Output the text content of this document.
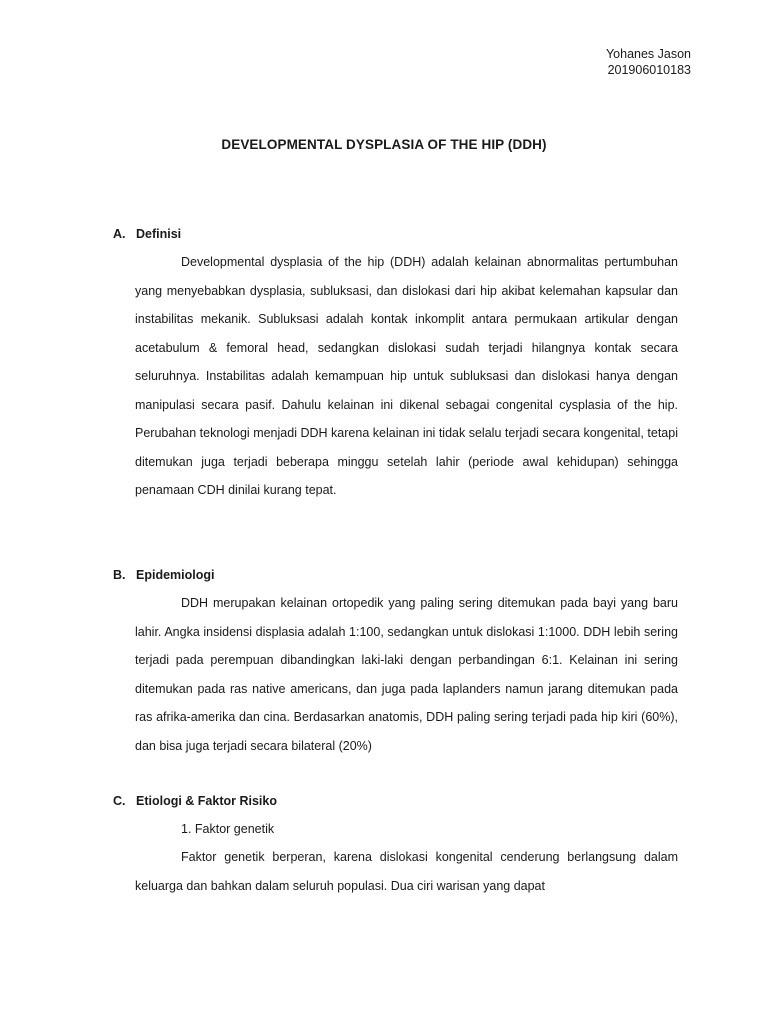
Yohanes Jason
201906010183
DEVELOPMENTAL DYSPLASIA OF THE HIP (DDH)
A. Definisi

Developmental dysplasia of the hip (DDH) adalah kelainan abnormalitas pertumbuhan yang menyebabkan dysplasia, subluksasi, dan dislokasi dari hip akibat kelemahan kapsular dan instabilitas mekanik. Subluksasi adalah kontak inkomplit antara permukaan artikular dengan acetabulum & femoral head, sedangkan dislokasi sudah terjadi hilangnya kontak secara seluruhnya. Instabilitas adalah kemampuan hip untuk subluksasi dan dislokasi hanya dengan manipulasi secara pasif. Dahulu kelainan ini dikenal sebagai congenital cysplasia of the hip. Perubahan teknologi menjadi DDH karena kelainan ini tidak selalu terjadi secara kongenital, tetapi ditemukan juga terjadi beberapa minggu setelah lahir (periode awal kehidupan) sehingga penamaan CDH dinilai kurang tepat.

B. Epidemiologi

DDH merupakan kelainan ortopedik yang paling sering ditemukan pada bayi yang baru lahir. Angka insidensi displasia adalah 1:100, sedangkan untuk dislokasi 1:1000. DDH lebih sering terjadi pada perempuan dibandingkan laki-laki dengan perbandingan 6:1. Kelainan ini sering ditemukan pada ras native americans, dan juga pada laplanders namun jarang ditemukan pada ras afrika-amerika dan cina. Berdasarkan anatomis, DDH paling sering terjadi pada hip kiri (60%), dan bisa juga terjadi secara bilateral (20%)

C. Etiologi & Faktor Risiko
1. Faktor genetik

Faktor genetik berperan, karena dislokasi kongenital cenderung berlangsung dalam keluarga dan bahkan dalam seluruh populasi. Dua ciri warisan yang dapat
